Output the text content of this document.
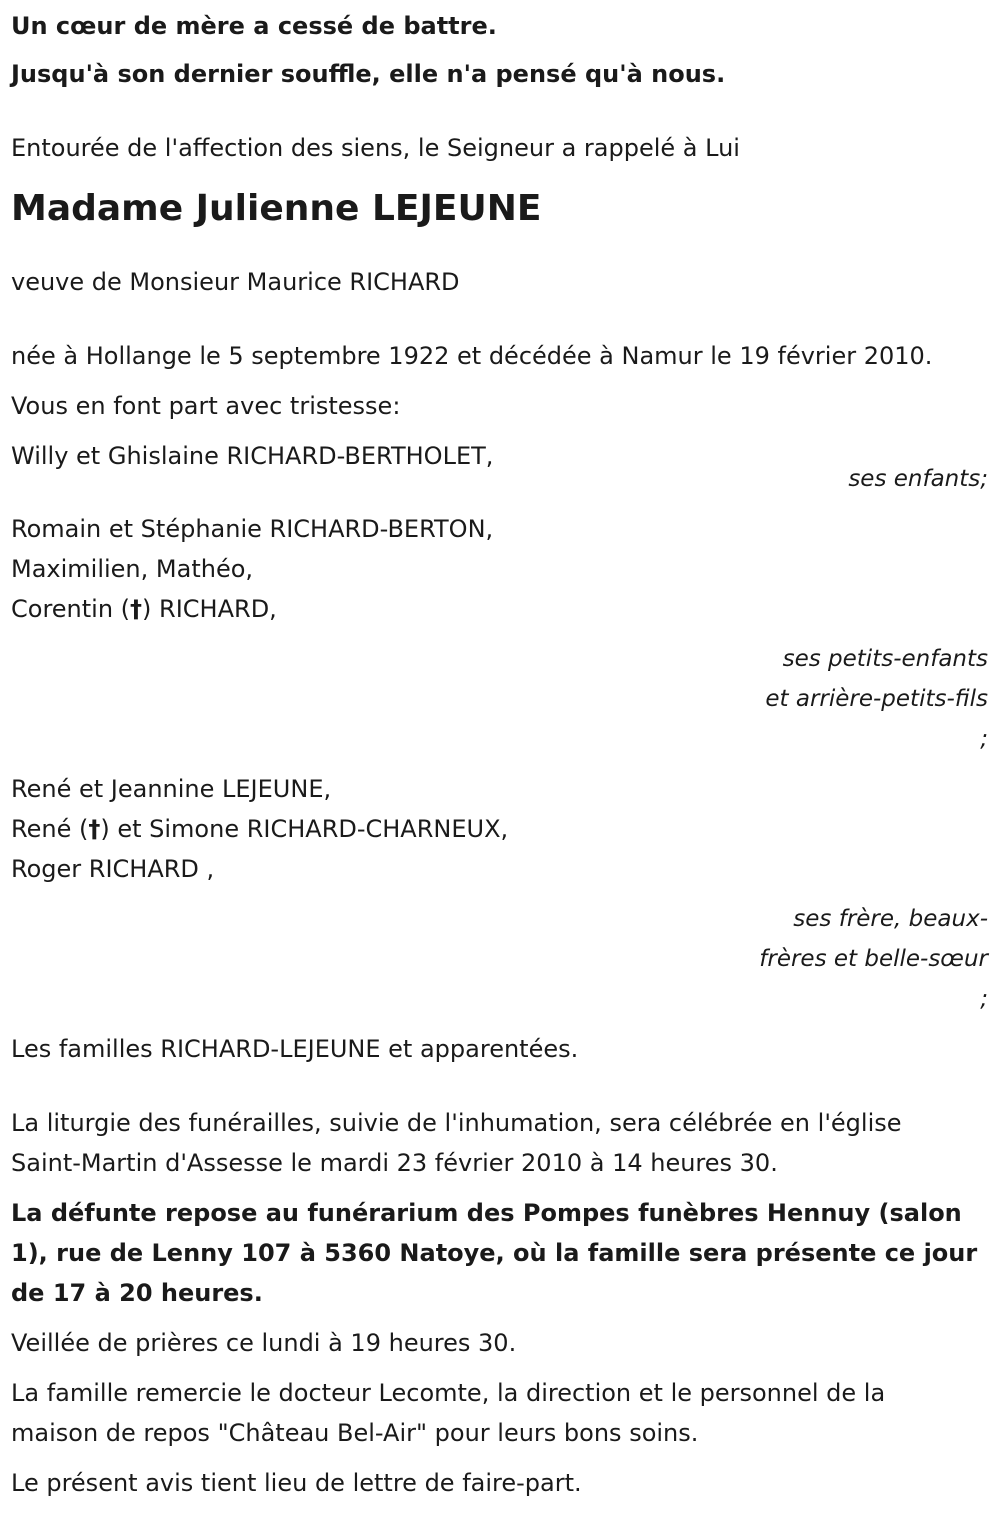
Un cœur de mère a cessé de battre.

Jusqu'à son dernier souffle, elle n'a pensé qu'à nous.

Entourée de l'affection des siens, le Seigneur a rappelé à Lui

Madame Julienne LEJEUNE

veuve de Monsieur Maurice RICHARD

née à Hollange le 5 septembre 1922 et décédée à Namur le 19 février 2010.

Vous en font part avec tristesse:

Willy et Ghislaine RICHARD-BERTHOLET,

ses enfants;

Romain et Stéphanie RICHARD-BERTON,

Maximilien, Mathéo,

Corentin (†) RICHARD,

ses petits-enfants

et arrière-petits-fils

;

René et Jeannine LEJEUNE,

René (†) et Simone RICHARD-CHARNEUX,

Roger RICHARD ,

ses frère, beaux-

frères et belle-sœur

;

Les familles RICHARD-LEJEUNE et apparentées.

La liturgie des funérailles, suivie de l'inhumation, sera célébrée en l'église

Saint-Martin d'Assesse le mardi 23 février 2010 à 14 heures 30.

La défunte repose au funérarium des Pompes funèbres Hennuy (salon

1), rue de Lenny 107 à 5360 Natoye, où la famille sera présente ce jour

de 17 à 20 heures.

Veillée de prières ce lundi à 19 heures 30.

La famille remercie le docteur Lecomte, la direction et le personnel de la

maison de repos "Château Bel-Air" pour leurs bons soins.

Le présent avis tient lieu de lettre de faire-part.
